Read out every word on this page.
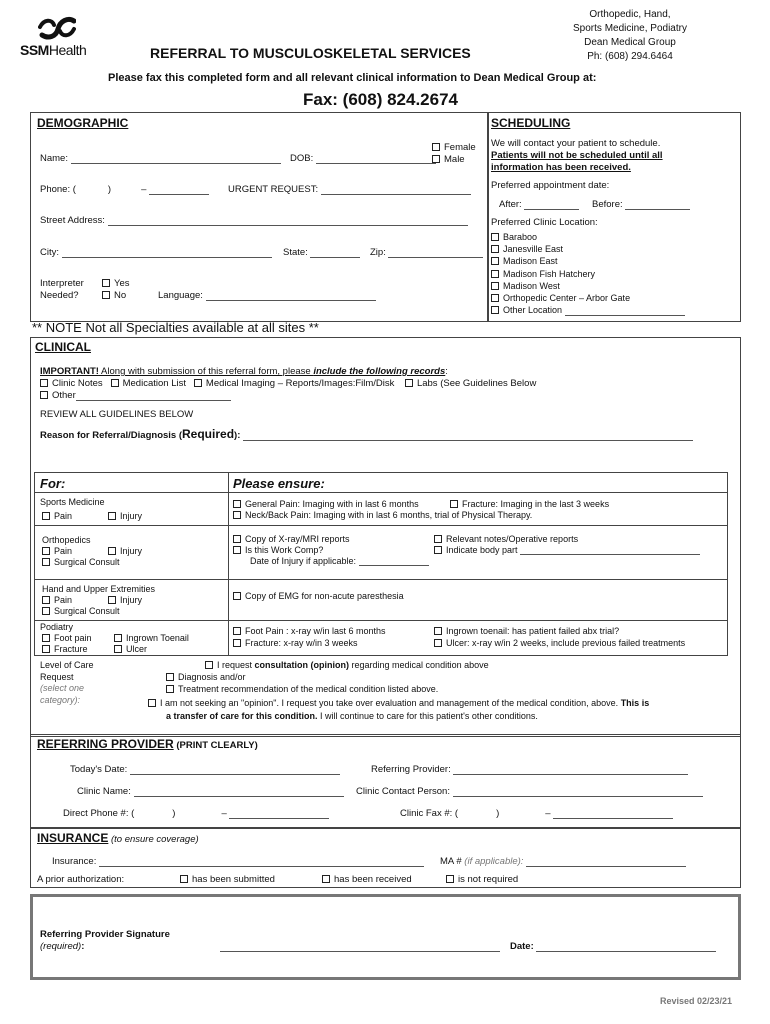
SSMHealth	REFERRAL TO MUSCULOSKELETAL SERVICES
Orthopedic, Hand,
Sports Medicine, Podiatry
Dean Medical Group
Ph: (608) 294.6464
Please fax this completed form and all relevant clinical information to Dean Medical Group at:
Fax: (608) 824.2674
DEMOGRAPHIC
Name:	DOB:
Female
Male
Phone: (	)	–	URGENT REQUEST:
Street Address:
City:	State:	Zip:
Interpreter
Needed?
Yes
No	Language:
SCHEDULING
We will contact your patient to schedule.
Patients will not be scheduled until all
information has been received.
Preferred appointment date:
After:	Before:
Preferred Clinic Location:
Baraboo
Janesville East
Madison East
Madison Fish Hatchery
Madison West
Orthopedic Center – Arbor Gate
Other Location
** NOTE Not all Specialties available at all sites **
CLINICAL
IMPORTANT! Along with submission of this referral form, please include the following records:
Clinic Notes Medication List Medical Imaging – Reports/Images:Film/Disk Labs (See Guidelines Below
Other
REVIEW ALL GUIDELINES BELOW
Reason for Referral/Diagnosis (Required):
For:	Please ensure:
Sports Medicine
Pain	Injury
General Pain: Imaging with in last 6 months	Fracture: Imaging in the last 3 weeks
Neck/Back Pain: Imaging with in last 6 months, trial of Physical Therapy.
Orthopedics
Pain	Injury
Surgical Consult
Copy of X-ray/MRI reports	Relevant notes/Operative reports
Is this Work Comp?	Indicate body part
Date of Injury if applicable:
Hand and Upper Extremities
Pain	Injury
Surgical Consult
Copy of EMG for non-acute paresthesia
Podiatry
Foot pain	Ingrown Toenail
Fracture	Ulcer
Foot Pain : x-ray w/in last 6 months	Ingrown toenail: has patient failed abx trial?
Fracture: x-ray w/in 3 weeks	Ulcer: x-ray w/in 2 weeks, include previous failed treatments
Level of Care
Request
(select one
category):
I request consultation (opinion) regarding medical condition above
Diagnosis and/or
Treatment recommendation of the medical condition listed above.
I am not seeking an "opinion". I request you take over evaluation and management of the medical condition, above. This is
a transfer of care for this condition. I will continue to care for this patient's other conditions.
REFERRING PROVIDER (PRINT CLEARLY)
Today's Date:	Referring Provider:
Clinic Name:	Clinic Contact Person:
Direct Phone #: (	)	–	Clinic Fax #: (	)	–
INSURANCE (to ensure coverage)
Insurance:	MA # (if applicable):
A prior authorization:	has been submitted	has been received	is not required
Referring Provider Signature
(required):	Date:
Revised 02/23/21
